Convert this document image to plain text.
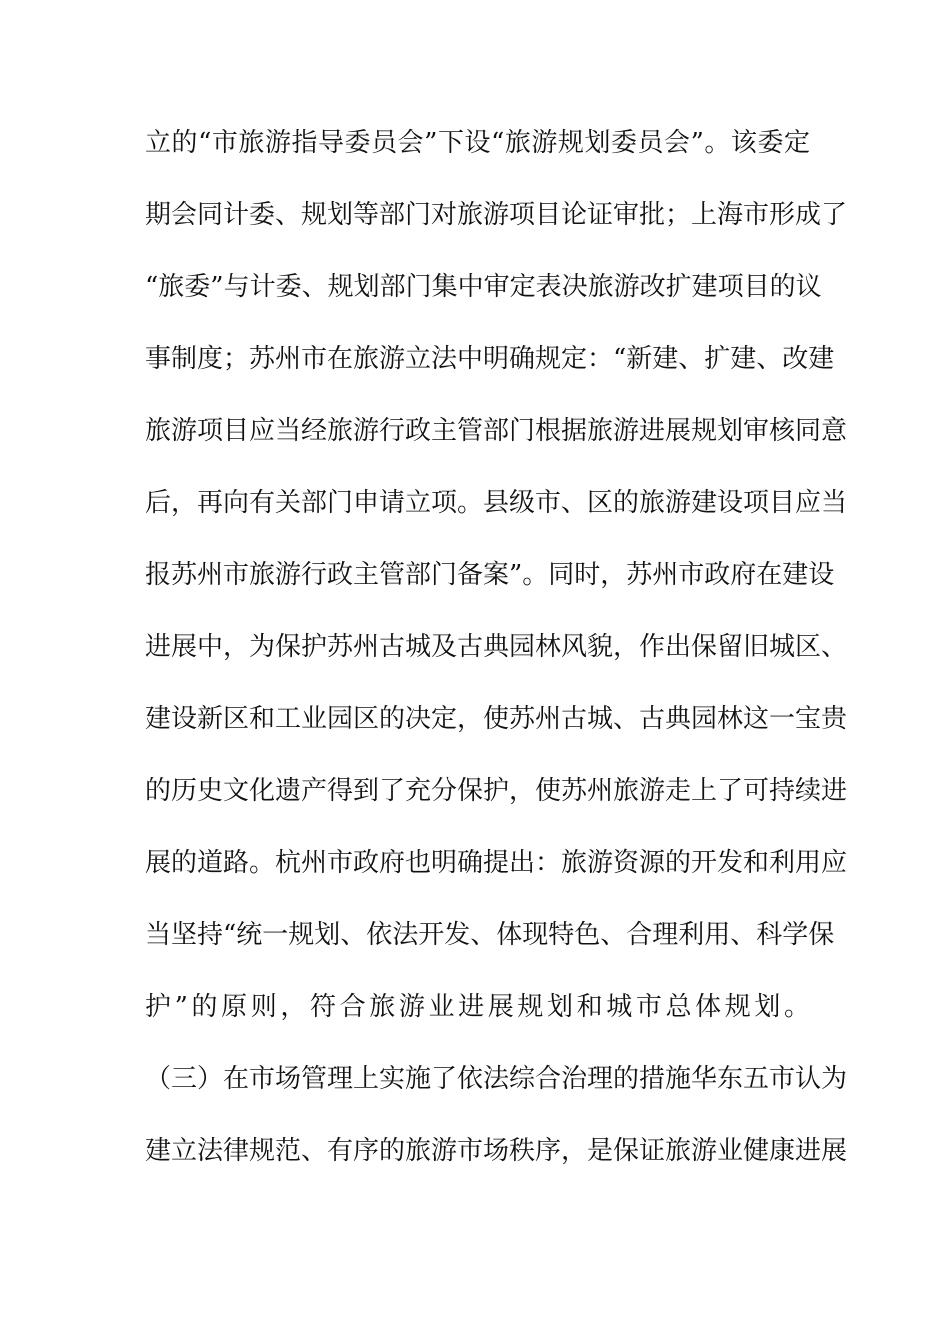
立的“市旅游指导委员会”下设“旅游规划委员会”。该委定
期会同计委、规划等部门对旅游项目论证审批；上海市形成了
“旅委”与计委、规划部门集中审定表决旅游改扩建项目的议
事制度；苏州市在旅游立法中明确规定：“新建、扩建、改建
旅游项目应当经旅游行政主管部门根据旅游进展规划审核同意
后，再向有关部门申请立项。县级市、区的旅游建设项目应当
报苏州市旅游行政主管部门备案”。同时，苏州市政府在建设
进展中，为保护苏州古城及古典园林风貌，作出保留旧城区、
建设新区和工业园区的决定，使苏州古城、古典园林这一宝贵
的历史文化遗产得到了充分保护，使苏州旅游走上了可持续进
展的道路。杭州市政府也明确提出：旅游资源的开发和利用应
当坚持“统一规划、依法开发、体现特色、合理利用、科学保
护”的原则，符合旅游业进展规划和城市总体规划。
（三）在市场管理上实施了依法综合治理的措施华东五市认为
建立法律规范、有序的旅游市场秩序，是保证旅游业健康进展
